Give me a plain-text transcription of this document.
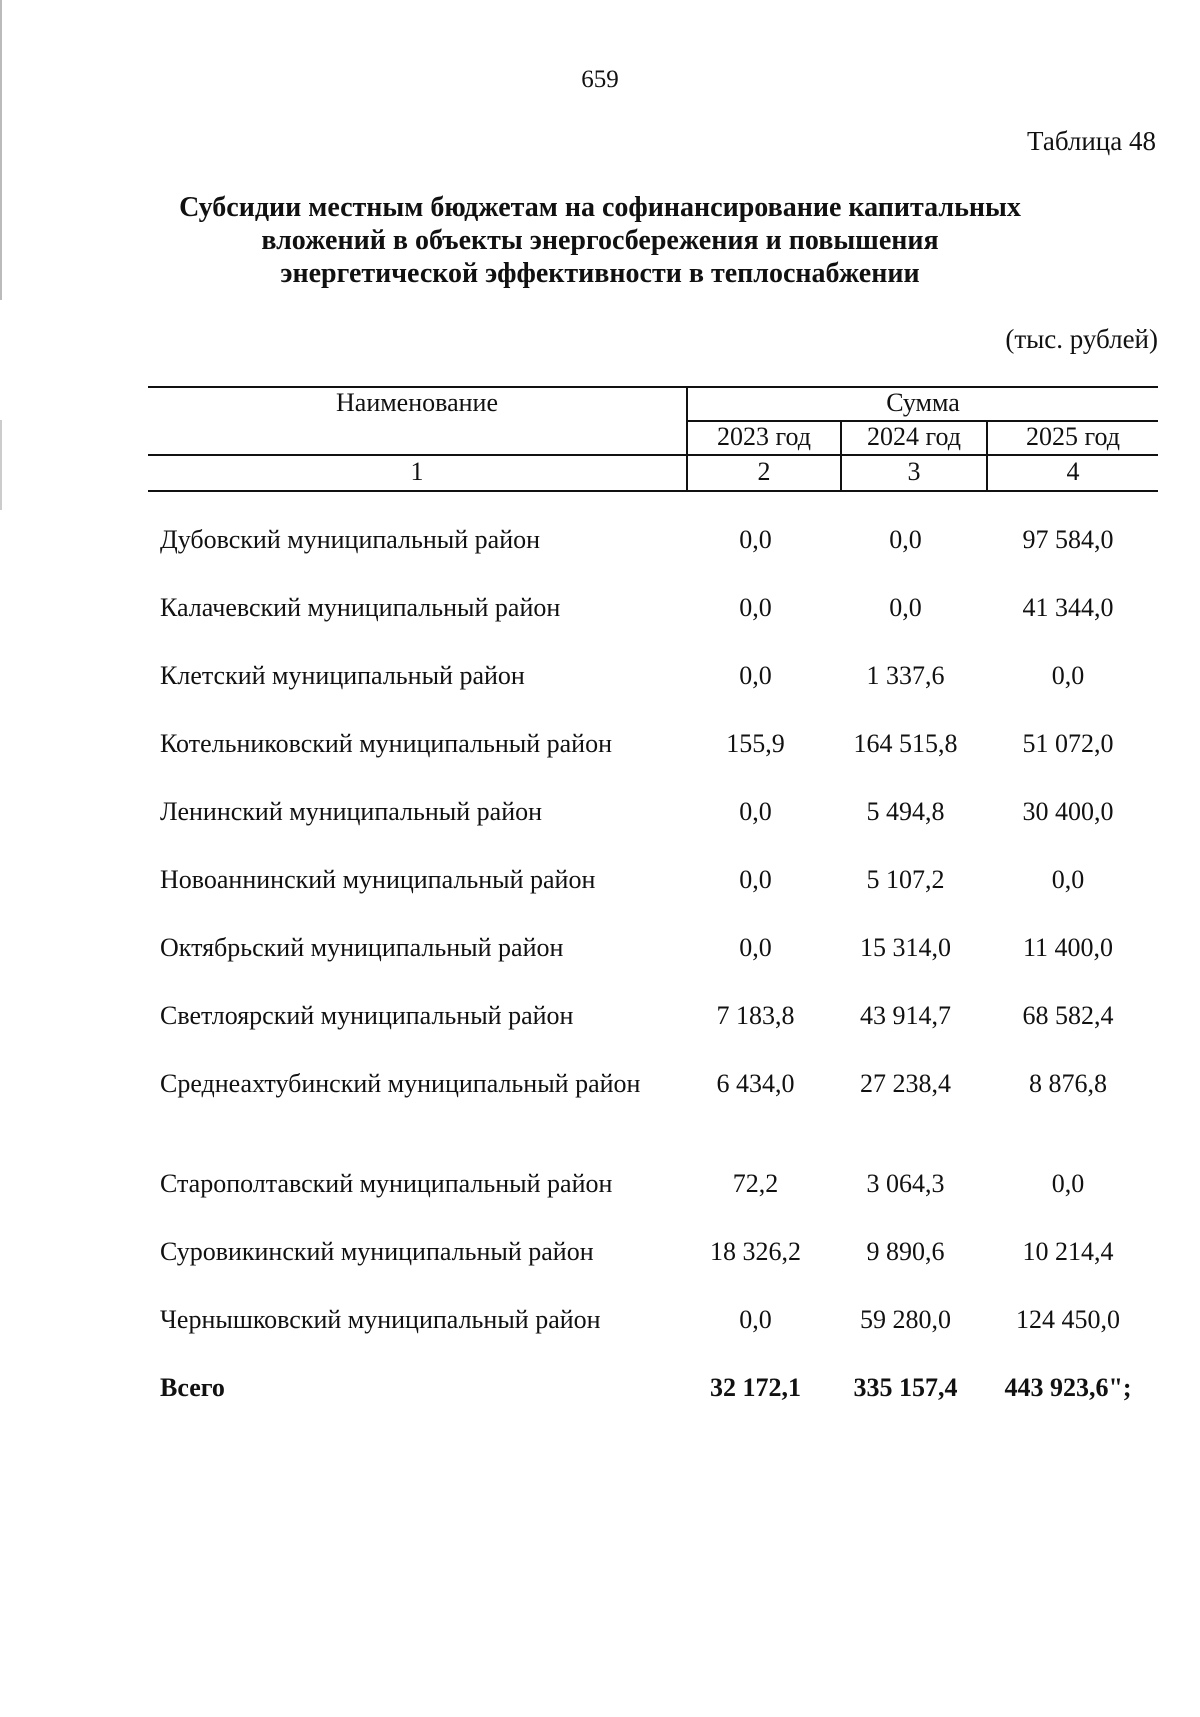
659
Таблица 48
Субсидии местным бюджетам на софинансирование капитальных
вложений в объекты энергосбережения и повышения
энергетической эффективности в теплоснабжении
(тыс. рублей)
Наименование	Сумма
2023 год	2024 год	2025 год
1	2	3	4
Дубовский муниципальный район	0,0	0,0	97 584,0
Калачевский муниципальный район	0,0	0,0	41 344,0
Клетский муниципальный район	0,0	1 337,6	0,0
Котельниковский муниципальный район	155,9	164 515,8	51 072,0
Ленинский муниципальный район	0,0	5 494,8	30 400,0
Новоаннинский муниципальный район	0,0	5 107,2	0,0
Октябрьский муниципальный район	0,0	15 314,0	11 400,0
Светлоярский муниципальный район	7 183,8	43 914,7	68 582,4
Среднеахтубинский муниципальный район	6 434,0	27 238,4	8 876,8
Старополтавский муниципальный район	72,2	3 064,3	0,0
Суровикинский муниципальный район	18 326,2	9 890,6	10 214,4
Чернышковский муниципальный район	0,0	59 280,0	124 450,0
Всего	32 172,1	335 157,4	443 923,6";
